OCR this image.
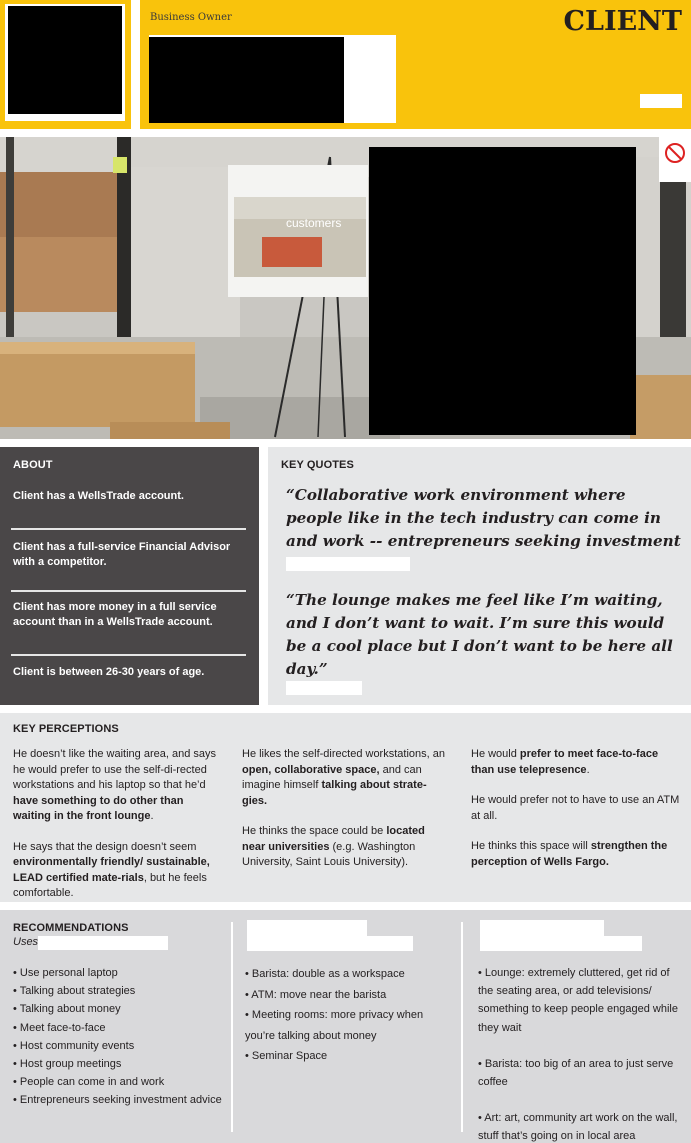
Business Owner	CLIENT
customers
ABOUT
Client has a WellsTrade account.
Client has a full-service Financial Advisor with a competitor.
Client has more money in a full service account than in a WellsTrade account.
Client is between 26-30 years of age.
KEY QUOTES
“Collaborative work environment where people like in the tech industry can come in and work -- entrepreneurs seeking investment
“The lounge makes me feel like I’m waiting, and I don’t want to wait. I’m sure this would be a cool place but I don’t want to be here all day.”
KEY PERCEPTIONS

He doesn’t like the waiting area, and says he would prefer to use the self-di-rected workstations and his laptop so that he’d have something to do other than waiting in the front lounge.

He says that the design doesn’t seem environmentally friendly/ sustainable, LEAD certified mate-rials, but he feels comfortable.

He likes the self-directed workstations, an open, collaborative space, and can imagine himself talking about strate-gies.

He thinks the space could be located near universities (e.g. Washington University, Saint Louis University).

He would prefer to meet face-to-face than use telepresence.

He would prefer not to have to use an ATM at all.

He thinks this space will strengthen the perception of Wells Fargo.

RECOMMENDATIONS
Uses
• Use personal laptop
• Talking about strategies
• Talking about money
• Meet face-to-face
• Host community events
• Host group meetings
• People can come in and work
• Entrepreneurs seeking investment advice
• Barista: double as a workspace
• ATM: move near the barista
• Meeting rooms: more privacy when you’re talking about money
• Seminar Space
• Lounge: extremely cluttered, get rid of the seating area, or add televisions/ something to keep people engaged while they wait
• Barista: too big of an area to just serve coffee
• Art: art, community art work on the wall, stuff that’s going on in local area
